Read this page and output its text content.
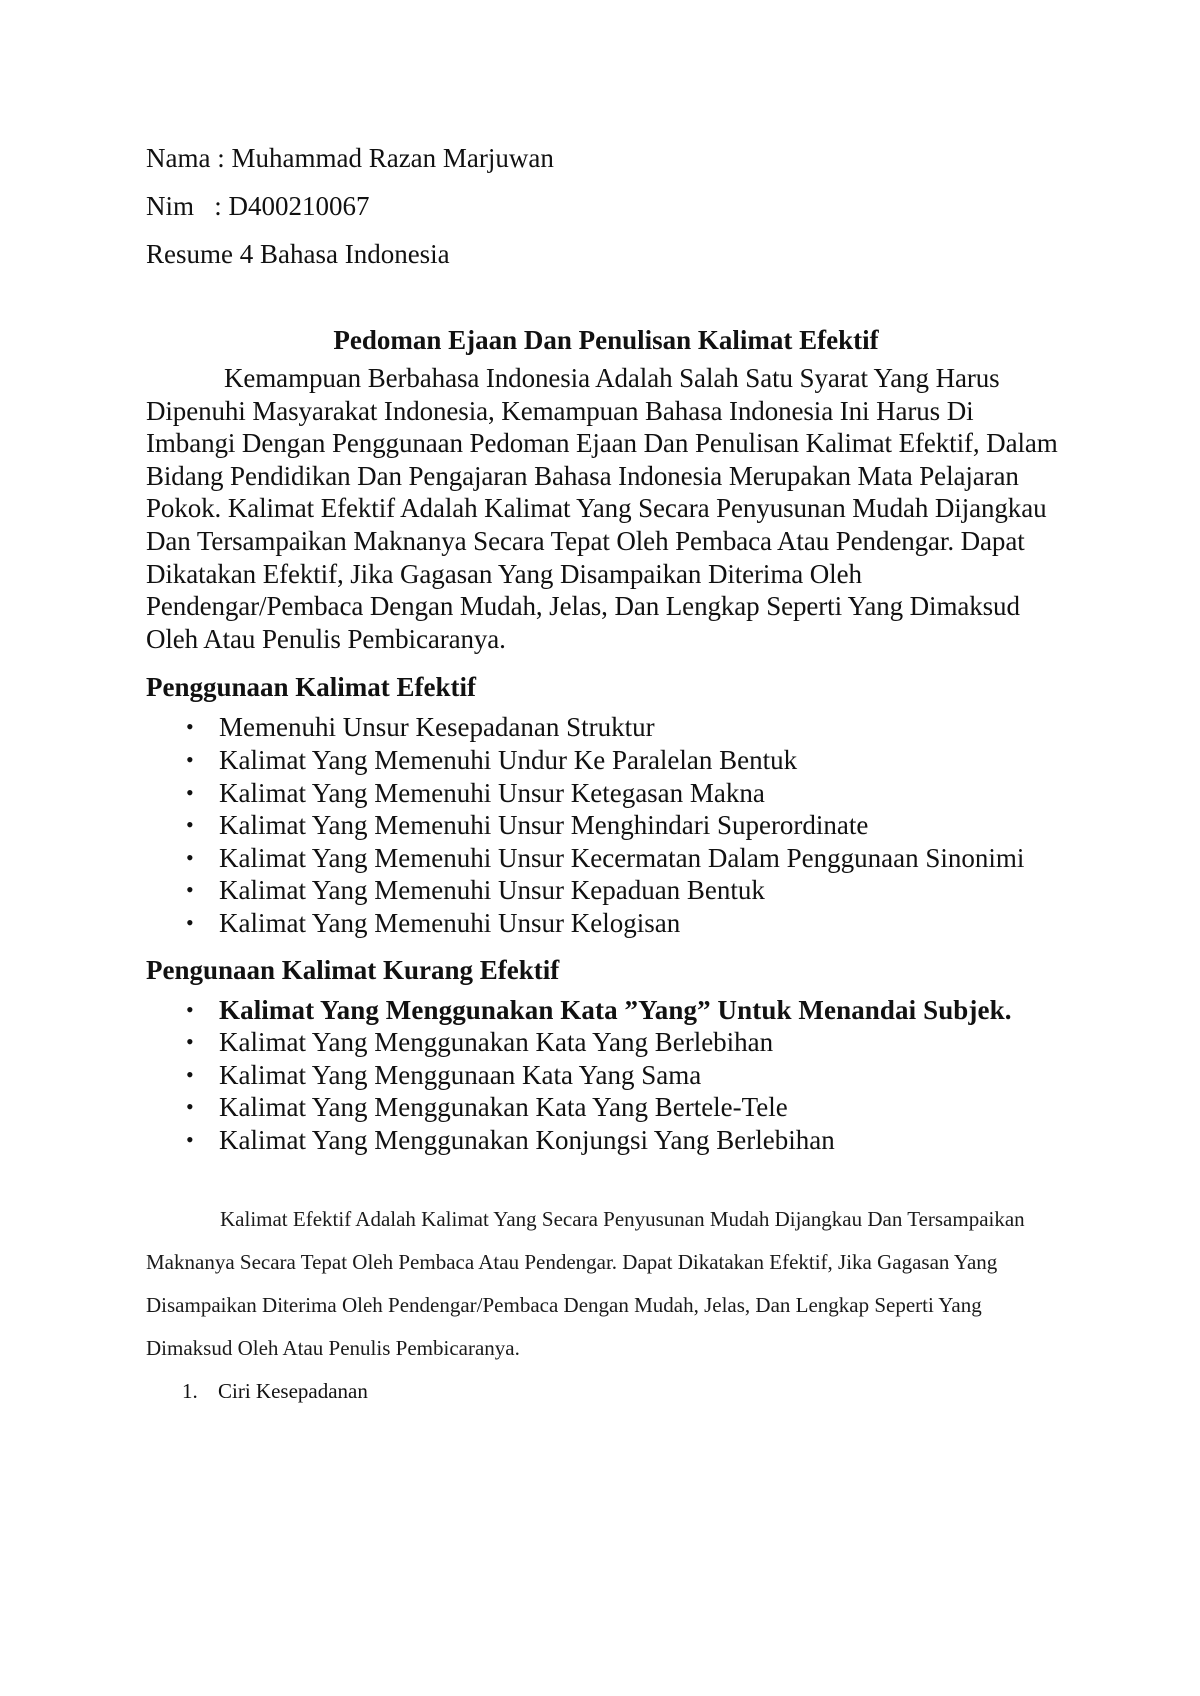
Nama : Muhammad Razan Marjuwan

Nim   : D400210067

Resume 4 Bahasa Indonesia

Pedoman Ejaan Dan Penulisan Kalimat Efektif

Kemampuan Berbahasa Indonesia Adalah Salah Satu Syarat Yang Harus Dipenuhi Masyarakat Indonesia, Kemampuan Bahasa Indonesia Ini Harus Di Imbangi Dengan Penggunaan Pedoman Ejaan Dan Penulisan Kalimat Efektif, Dalam Bidang Pendidikan Dan Pengajaran Bahasa Indonesia Merupakan Mata Pelajaran Pokok. Kalimat Efektif Adalah Kalimat Yang Secara Penyusunan Mudah Dijangkau Dan Tersampaikan Maknanya Secara Tepat Oleh Pembaca Atau Pendengar. Dapat Dikatakan Efektif, Jika Gagasan Yang Disampaikan Diterima Oleh Pendengar/Pembaca Dengan Mudah, Jelas, Dan Lengkap Seperti Yang Dimaksud Oleh Atau Penulis Pembicaranya.

Penggunaan Kalimat Efektif
• Memenuhi Unsur Kesepadanan Struktur
• Kalimat Yang Memenuhi Undur Ke Paralelan Bentuk
• Kalimat Yang Memenuhi Unsur Ketegasan Makna
• Kalimat Yang Memenuhi Unsur Menghindari Superordinate
• Kalimat Yang Memenuhi Unsur Kecermatan Dalam Penggunaan Sinonimi
• Kalimat Yang Memenuhi Unsur Kepaduan Bentuk
• Kalimat Yang Memenuhi Unsur Kelogisan
Pengunaan Kalimat Kurang Efektif
• Kalimat Yang Menggunakan Kata ”Yang” Untuk Menandai Subjek.
• Kalimat Yang Menggunakan Kata Yang Berlebihan
• Kalimat Yang Menggunaan Kata Yang Sama
• Kalimat Yang Menggunakan Kata Yang Bertele-Tele
• Kalimat Yang Menggunakan Konjungsi Yang Berlebihan

Kalimat Efektif Adalah Kalimat Yang Secara Penyusunan Mudah Dijangkau Dan Tersampaikan

Maknanya Secara Tepat Oleh Pembaca Atau Pendengar. Dapat Dikatakan Efektif, Jika Gagasan Yang

Disampaikan Diterima Oleh Pendengar/Pembaca Dengan Mudah, Jelas, Dan Lengkap Seperti Yang

Dimaksud Oleh Atau Penulis Pembicaranya.

1. Ciri Kesepadanan
